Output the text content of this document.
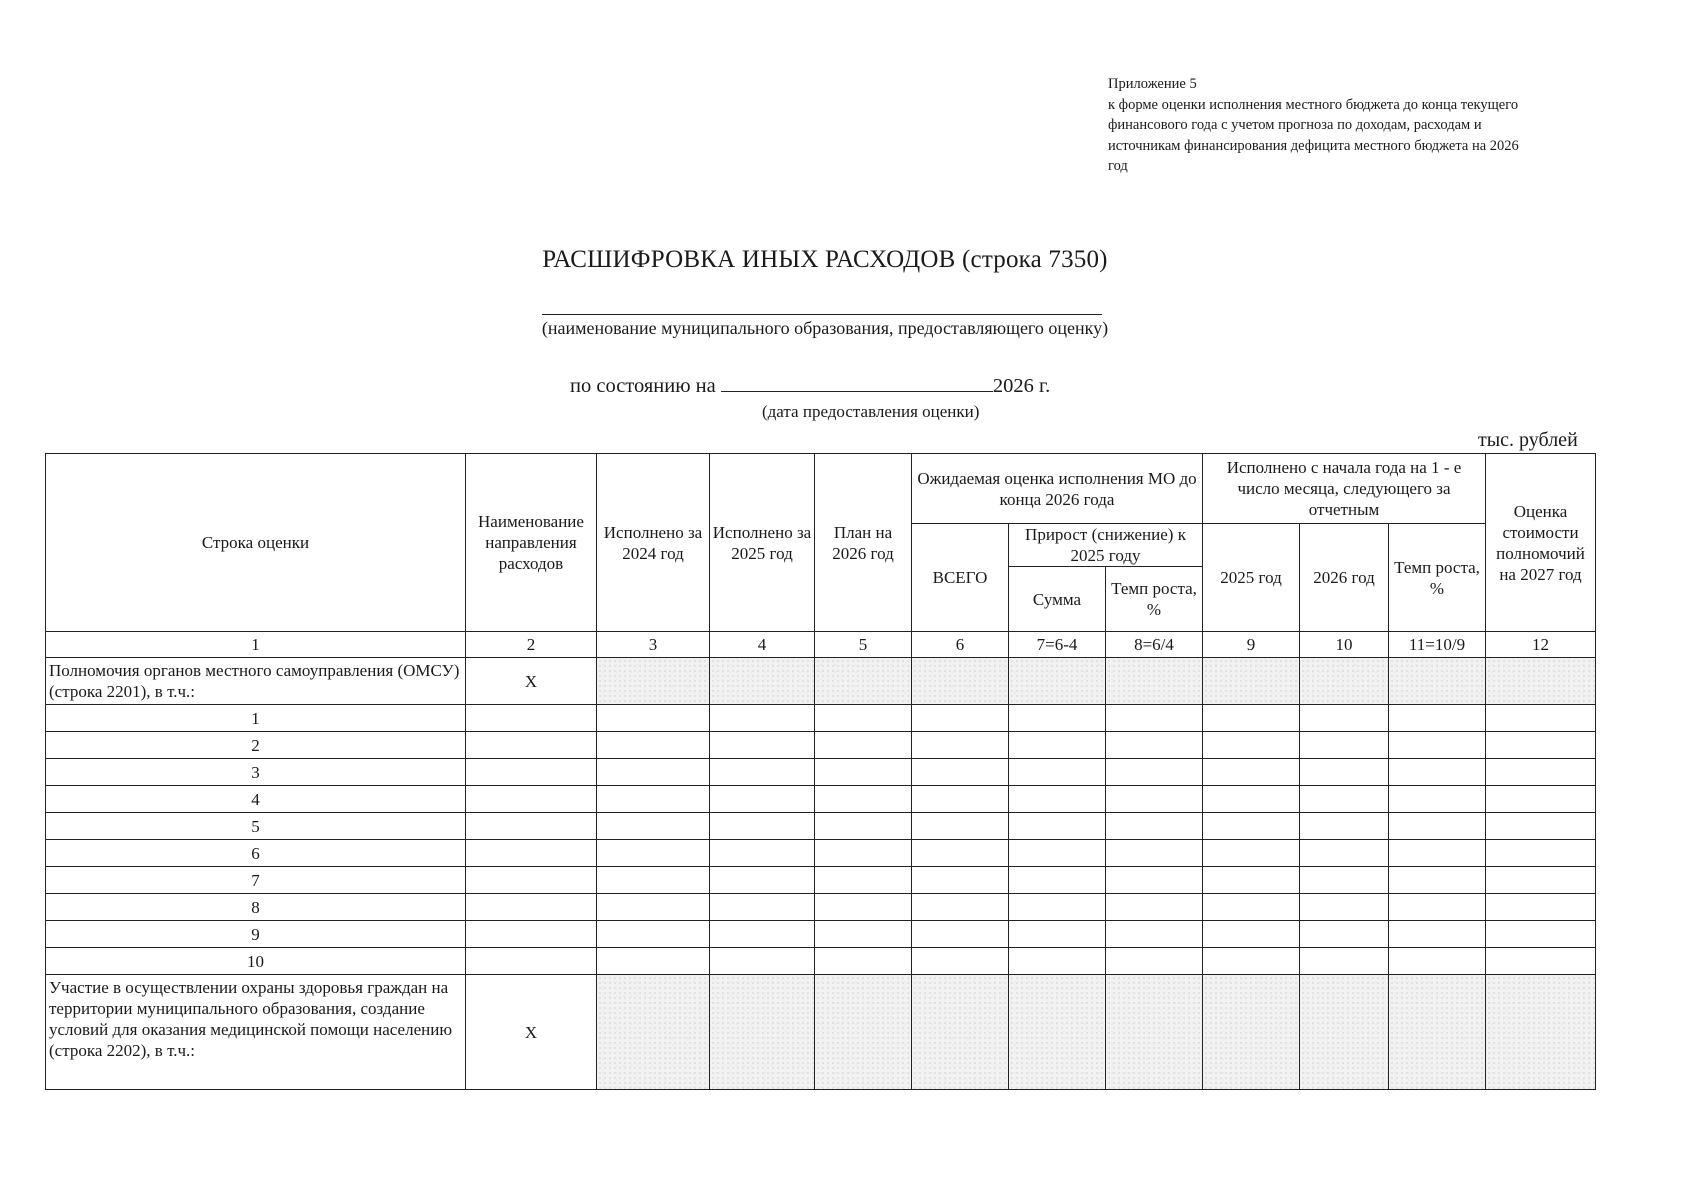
Приложение 5
к форме оценки исполнения местного бюджета до конца текущего
финансового года с учетом прогноза по доходам, расходам и
источникам финансирования дефицита местного бюджета на 2026
год
РАСШИФРОВКА ИНЫХ РАСХОДОВ (строка 7350)
(наименование муниципального образования, предоставляющего оценку)
по состоянию на	2026 г.
(дата предоставления оценки)
тыс. рублей
Строка оценки	Наименование направления расходов	Исполнено за 2024 год	Исполнено за 2025 год	План на 2026 год	Ожидаемая оценка исполнения МО до конца 2026 года			Исполнено с начала года на 1 - е число месяца, следующего за отчетным			Оценка стоимости полномочий на 2027 год
					ВСЕГО	Прирост (снижение) к 2025 году		2025 год	2026 год	Темп роста, %	
						Сумма	Темп роста, %				
1	2	3	4	5	6	7=6-4	8=6/4	9	10	11=10/9	12
Полномочия органов местного самоуправления (ОМСУ) (строка 2201), в т.ч.:	X										
1											
2											
3											
4											
5											
6											
7											
8											
9											
10											
Участие в осуществлении охраны здоровья граждан на территории муниципального образования, создание условий для оказания медицинской помощи населению (строка 2202), в т.ч.:	X										
